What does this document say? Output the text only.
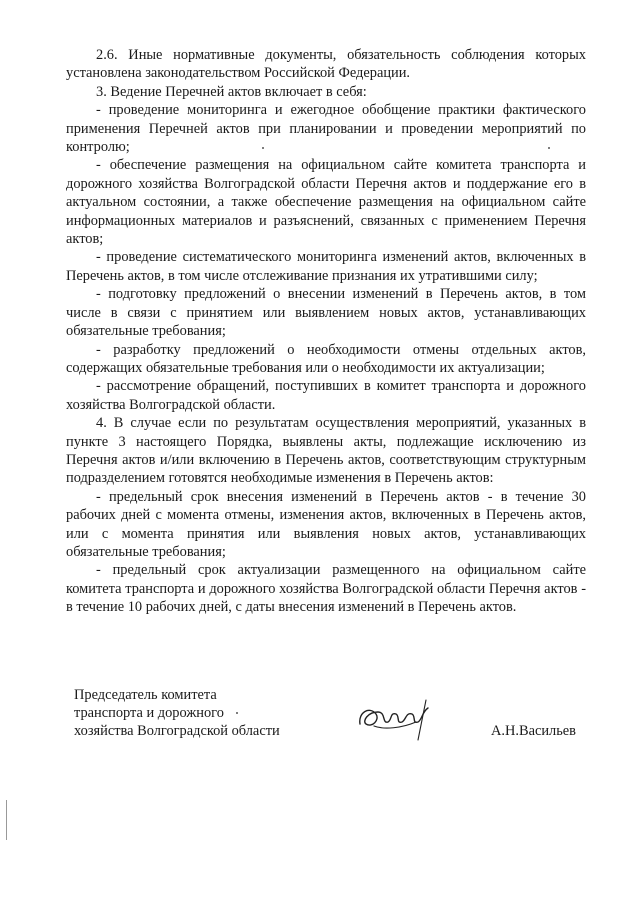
2.6. Иные нормативные документы, обязательность соблюдения которых установлена законодательством Российской Федерации.

3. Ведение Перечней актов включает в себя:

- проведение мониторинга и ежегодное обобщение практики фактического применения Перечней актов при планировании и проведении мероприятий по контролю;

- обеспечение размещения на официальном сайте комитета транспорта и дорожного хозяйства Волгоградской области Перечня актов и поддержание его в актуальном состоянии, а также обеспечение размещения на официальном сайте информационных материалов и разъяснений, связанных с применением Перечня актов;

- проведение систематического мониторинга изменений актов, включенных в Перечень актов, в том числе отслеживание признания их утратившими силу;

- подготовку предложений о внесении изменений в Перечень актов, в том числе в связи с принятием или выявлением новых актов, устанавливающих обязательные требования;

- разработку предложений о необходимости отмены отдельных актов, содержащих обязательные требования или о необходимости их актуализации;

- рассмотрение обращений, поступивших в комитет транспорта и дорожного хозяйства Волгоградской области.

4. В случае если по результатам осуществления мероприятий, указанных в пункте 3 настоящего Порядка, выявлены акты, подлежащие исключению из Перечня актов и/или включению в Перечень актов, соответствующим структурным подразделением готовятся необходимые изменения в Перечень актов:

- предельный срок внесения изменений в Перечень актов - в течение 30 рабочих дней с момента отмены, изменения актов, включенных в Перечень актов, или с момента принятия или выявления новых актов, устанавливающих обязательные требования;

- предельный срок актуализации размещенного на официальном сайте комитета транспорта и дорожного хозяйства Волгоградской области Перечня актов - в течение 10 рабочих дней, с даты внесения изменений в Перечень актов.

Председатель комитета
транспорта и дорожного
хозяйства Волгоградской области	А.Н.Васильев
